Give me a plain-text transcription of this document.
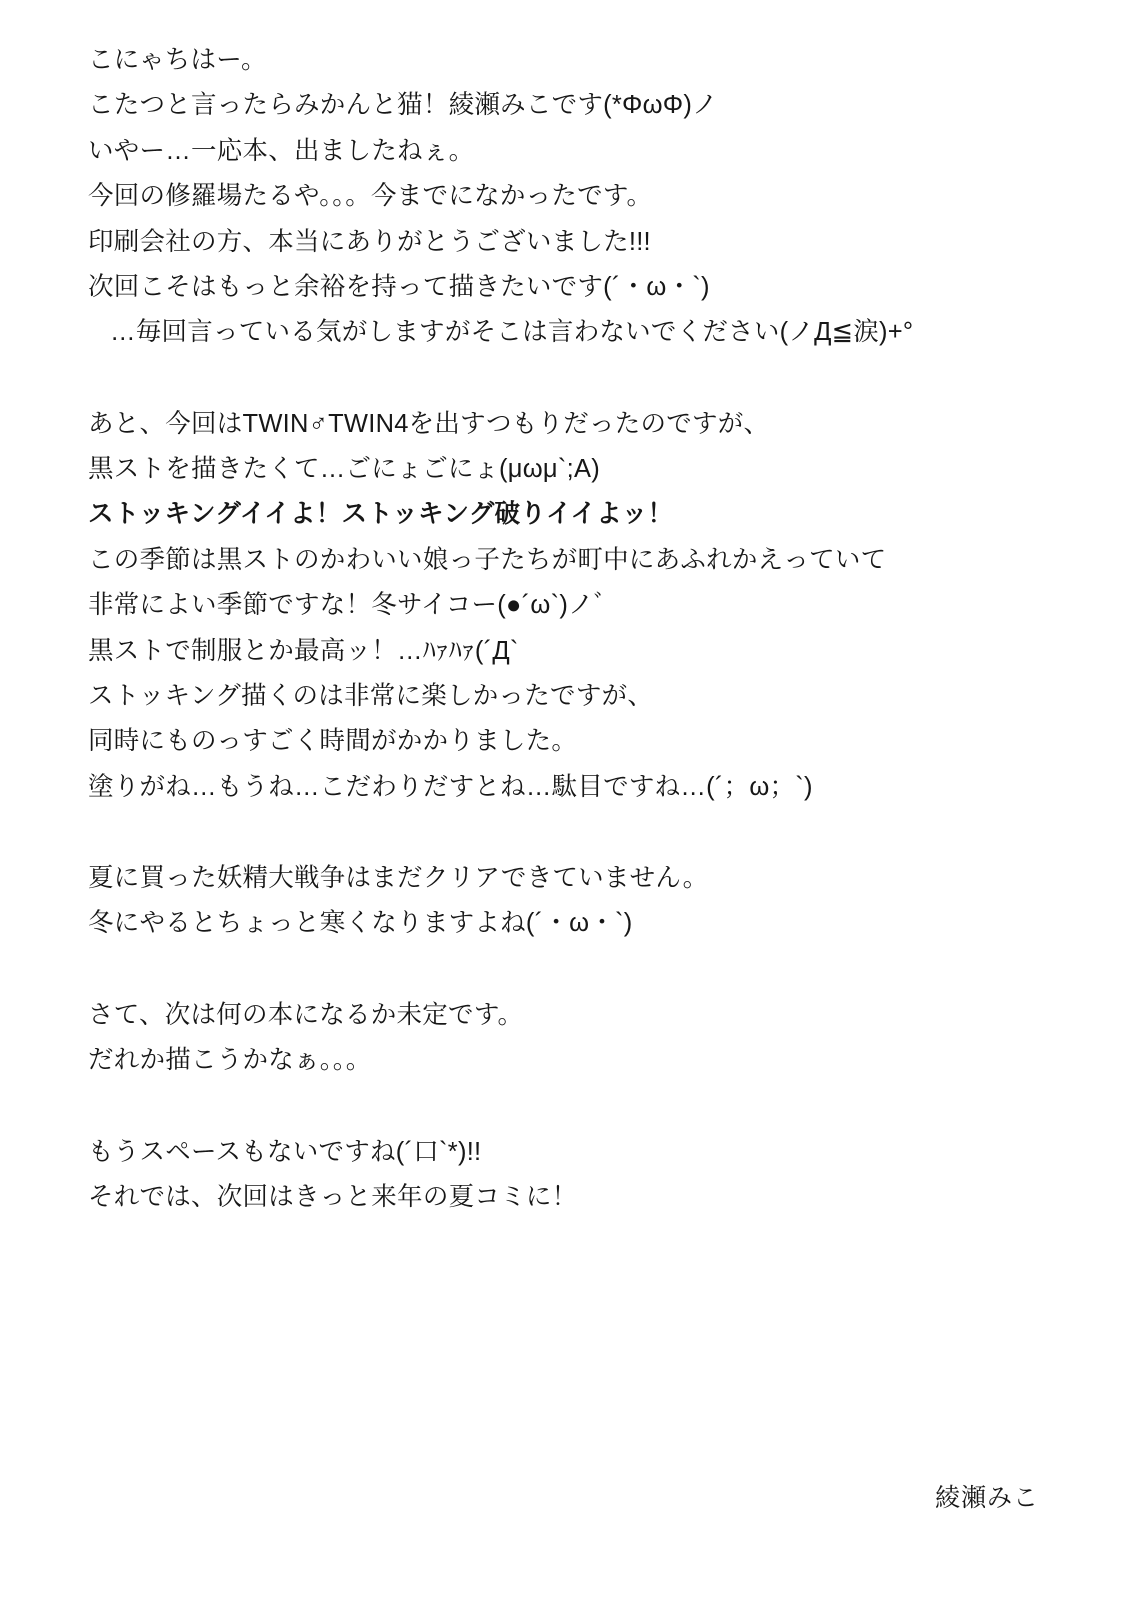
こにゃちはー。
こたつと言ったらみかんと猫！綾瀬みこです(*ΦωΦ)ノ
いやー…一応本、出ましたねぇ。
今回の修羅場たるや。。。今までになかったです。
印刷会社の方、本当にありがとうございました!!!
次回こそはもっと余裕を持って描きたいです(´・ω・`)
…毎回言っている気がしますがそこは言わないでください(ノД≦涙)+°
あと、今回はTWIN♂TWIN4を出すつもりだったのですが、
黒ストを描きたくて…ごにょごにょ(μωμ`;A)
ストッキングイイよ！ストッキング破りイイよッ！
この季節は黒ストのかわいい娘っ子たちが町中にあふれかえっていて
非常によい季節ですな！冬サイコー(●´ω`)ノﾞ
黒ストで制服とか最高ッ！…ﾊｧﾊｧ(´Д`
ストッキング描くのは非常に楽しかったですが、
同時にものっすごく時間がかかりました。
塗りがね…もうね…こだわりだすとね…駄目ですね…(´；ω；`)
夏に買った妖精大戦争はまだクリアできていません。
冬にやるとちょっと寒くなりますよね(´・ω・`)
さて、次は何の本になるか未定です。
だれか描こうかなぁ。。。
もうスペースもないですね(´口`*)!!
それでは、次回はきっと来年の夏コミに！
綾瀬みこ
